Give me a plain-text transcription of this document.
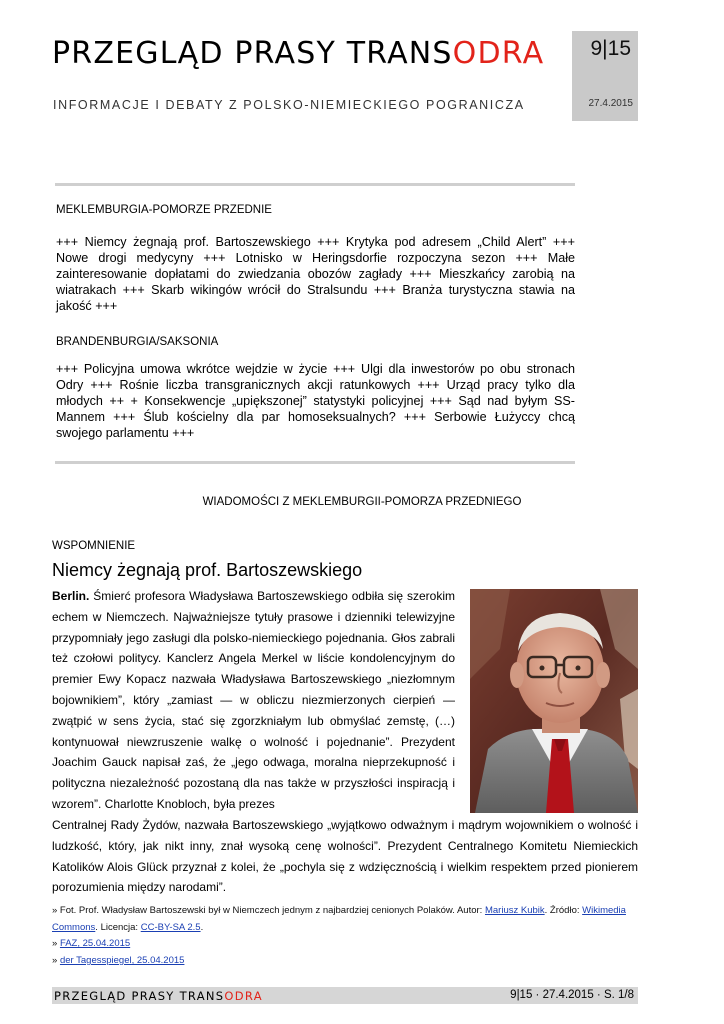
PRZEGLĄD PRASY TRANSODRA
INFORMACJE I DEBATY Z POLSKO-NIEMIECKIEGO POGRANICZA
9|15
27.4.2015
MEKLEMBURGIA-POMORZE PRZEDNIE
+++ Niemcy żegnają prof. Bartoszewskiego +++ Krytyka pod adresem „Child Alert” +++ Nowe drogi medycyny +++ Lotnisko w Heringsdorfie rozpoczyna sezon +++ Małe zainteresowanie dopłatami do zwiedzania obozów zagłady +++ Mieszkańcy zarobią na wiatrakach +++ Skarb wikingów wrócił do Stralsundu +++ Branża turystyczna stawia na jakość +++
BRANDENBURGIA/SAKSONIA
+++ Policyjna umowa wkrótce wejdzie w życie +++ Ulgi dla inwestorów po obu stronach Odry +++ Rośnie liczba transgranicznych akcji ratunkowych +++ Urząd pracy tylko dla młodych ++ + Konsekwencje „upiększonej” statystyki policyjnej +++ Sąd nad byłym SS-Mannem +++ Ślub kościelny dla par homoseksualnych? +++ Serbowie Łużyccy chcą swojego parlamentu +++
WIADOMOŚCI Z MEKLEMBURGII-POMORZA PRZEDNIEGO
WSPOMNIENIE
Niemcy żegnają prof. Bartoszewskiego
Berlin. Śmierć profesora Władysława Bartoszewskiego odbiła się szerokim echem w Niemczech. Najważniejsze tytuły prasowe i dzienniki telewizyjne przypomniały jego zasługi dla polsko-niemieckiego pojednania. Głos zabrali też czołowi politycy. Kanclerz Angela Merkel w liście kondolencyjnym do premier Ewy Kopacz nazwała Władysława Bartoszewskiego „niezłomnym bojownikiem”, który „zamiast — w obliczu niezmierzonych cierpień — zwątpić w sens życia, stać się zgorzkniałym lub obmyślać zemstę, (…) kontynuował niewzruszenie walkę o wolność i pojednanie”. Prezydent Joachim Gauck napisał zaś, że „jego odwaga, moralna nieprzekupność i polityczna niezależność pozostaną dla nas także w przyszłości inspiracją i wzorem”. Charlotte Knobloch, była prezes
Centralnej Rady Żydów, nazwała Bartoszewskiego „wyjątkowo odważnym i mądrym wojownikiem o wolność i ludzkość, który, jak nikt inny, znał wysoką cenę wolności”. Prezydent Centralnego Komitetu Niemieckich Katolików Alois Glück przyznał z kolei, że „pochyla się z wdzięcznością i wielkim respektem przed pionierem porozumienia między narodami”.
» Fot. Prof. Władysław Bartoszewski był w Niemczech jednym z najbardziej cenionych Polaków. Autor: Mariusz Kubik. Źródło: Wikimedia Commons. Licencja: CC-BY-SA 2.5.
» FAZ, 25.04.2015
» der Tagesspiegel, 25.04.2015
PRZEGLĄD PRASY TRANSODRA	9|15 · 27.4.2015 · S. 1/8
